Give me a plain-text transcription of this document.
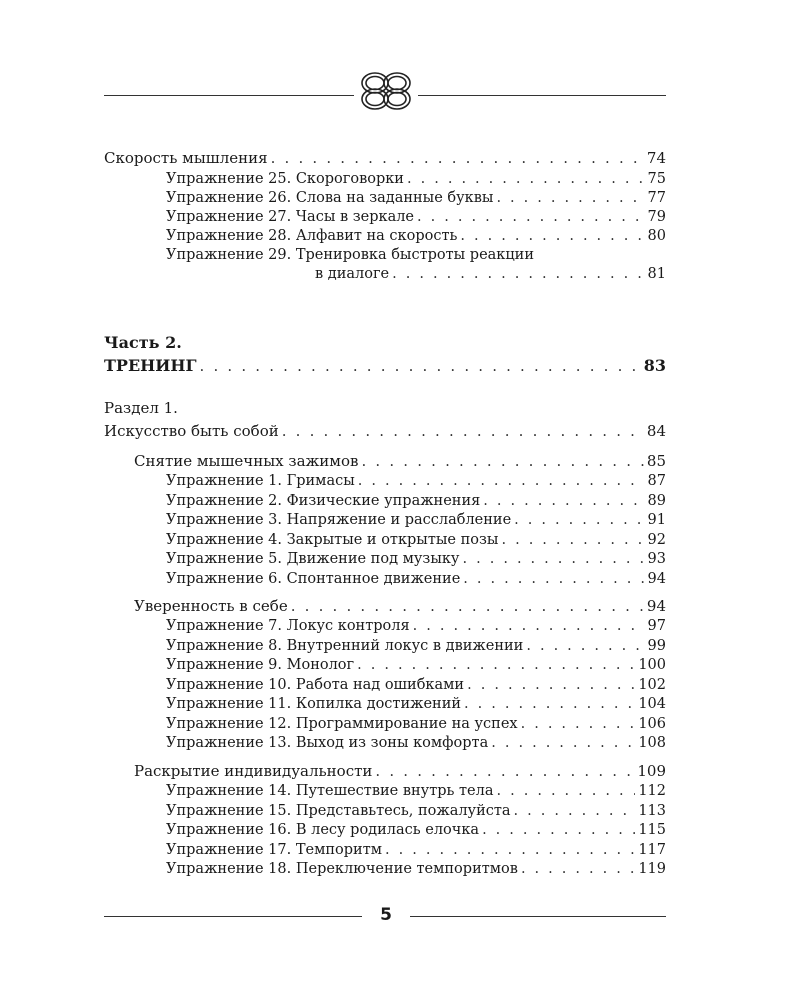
Скорость мышления . . .	74
Упражнение 25. Скороговорки . . .	75
Упражнение 26. Слова на заданные буквы . . .	77
Упражнение 27. Часы в зеркале . . .	79
Упражнение 28. Алфавит на скорость . . .	80
Упражнение 29. Тренировка быстроты реакции
в диалоге . . .	81
Часть 2.
ТРЕНИНГ . . .	83
Раздел 1.
Искусство быть собой . . .	84
Снятие мышечных зажимов . . .	85
Упражнение 1. Гримасы . . .	87
Упражнение 2. Физические упражнения . . .	89
Упражнение 3. Напряжение и расслабление . . .	91
Упражнение 4. Закрытые и открытые позы . . .	92
Упражнение 5. Движение под музыку . . .	93
Упражнение 6. Спонтанное движение . . .	94
Уверенность в себе . . .	94
Упражнение 7. Локус контроля . . .	97
Упражнение 8. Внутренний локус в движении . . .	99
Упражнение 9. Монолог . . .	100
Упражнение 10. Работа над ошибками . . .	102
Упражнение 11. Копилка достижений . . .	104
Упражнение 12. Программирование на успех . . .	106
Упражнение 13. Выход из зоны комфорта . . .	108
Раскрытие индивидуальности . . .	109
Упражнение 14. Путешествие внутрь тела . . .	112
Упражнение 15. Представьтесь, пожалуйста . . .	113
Упражнение 16. В лесу родилась елочка . . .	115
Упражнение 17. Темпоритм . . .	117
Упражнение 18. Переключение темпоритмов . . .	119
5
